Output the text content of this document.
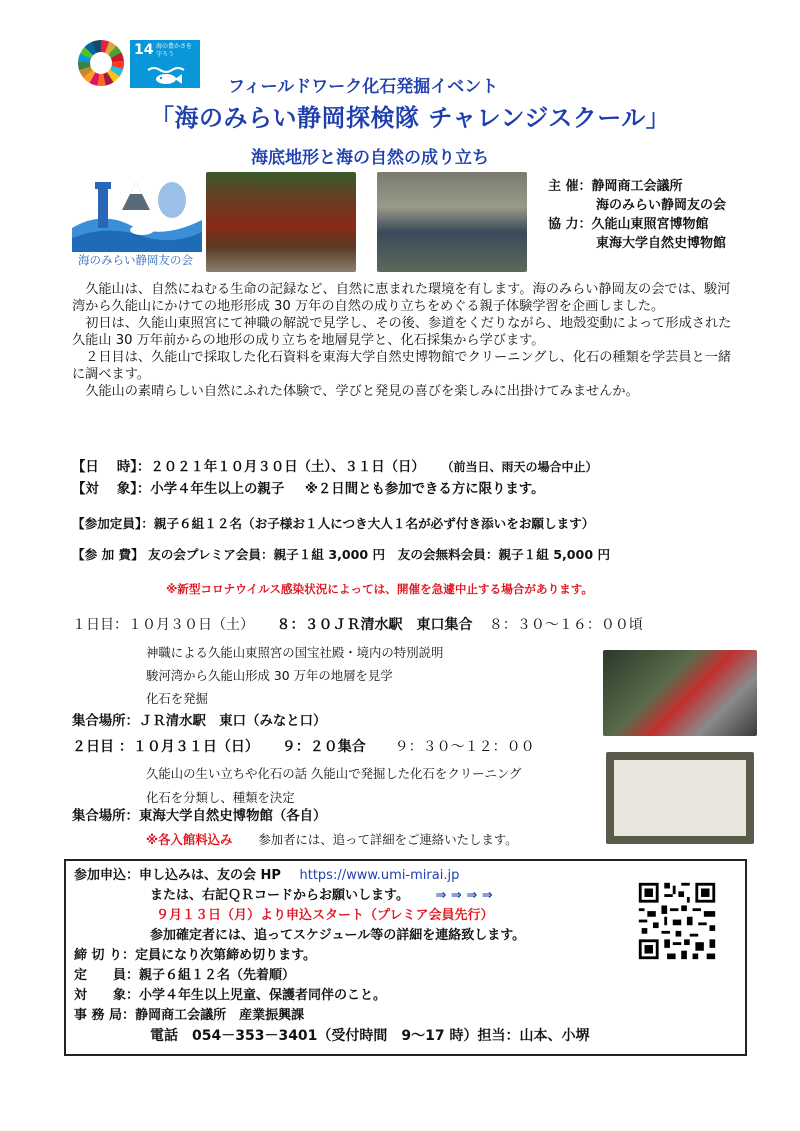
14 海の豊かさを
守ろう
フィールドワーク化石発掘イベント
「海のみらい静岡探検隊 チャレンジスクール」
海底地形と海の自然の成り立ち
海のみらい静岡友の会
主 催：静岡商工会議所
海のみらい静岡友の会
協 力：久能山東照宮博物館
東海大学自然史博物館
久能山は、自然にねむる生命の記録など、自然に恵まれた環境を有します。海のみらい静岡友の会では、駿河湾から久能山にかけての地形形成 30 万年の自然の成り立ちをめぐる親子体験学習を企画しました。
初日は、久能山東照宮にて神職の解説で見学し、その後、参道をくだりながら、地殻変動によって形成された久能山 30 万年前からの地形の成り立ちを地層見学と、化石採集から学びます。
２日目は、久能山で採取した化石資料を東海大学自然史博物館でクリーニングし、化石の種類を学芸員と一緒に調べます。
久能山の素晴らしい自然にふれた体験で、学びと発見の喜びを楽しみに出掛けてみませんか。
【日　 時】：２０２１年１０月３０日（土）、３１日（日） （前当日、雨天の場合中止）
【対　 象】：小学４年生以上の親子 ※２日間とも参加できる方に限ります。
【参加定員】：親子６組１２名（お子様お１人につき大人１名が必ず付き添いをお願します）
【参 加 費】 友の会プレミア会員：親子１組 3,000 円　友の会無料会員：親子１組 5,000 円
※新型コロナウイルス感染状況によっては、開催を急遽中止する場合があります。
１日目：１０月３０日（土） ８：３０ＪＲ清水駅　東口集合 ８：３０～１６：００頃
神職による久能山東照宮の国宝社殿・境内の特別説明
駿河湾から久能山形成 30 万年の地層を見学
化石を発掘
集合場所：ＪＲ清水駅　東口（みなと口）
２日目 ：１０月３１日（日） ９：２０集合 ９：３０～１２：００
久能山の生い立ちや化石の話 久能山で発掘した化石をクリーニング
化石を分類し、種類を決定
集合場所：東海大学自然史博物館（各自）
※各入館料込み 参加者には、追って詳細をご連絡いたします。
参加申込：申し込みは、友の会 HP https://www.umi-mirai.jp
または、右記ＱＲコードからお願いします。 ⇒ ⇒ ⇒ ⇒
９月１３日（月）より申込スタート（プレミア会員先行）
参加確定者には、追ってスケジュール等の詳細を連絡致します。
締 切 り：定員になり次第締め切ります。
定　　員：親子６組１２名（先着順）
対　　象：小学４年生以上児童、保護者同伴のこと。
事 務 局：静岡商工会議所　産業振興課
電話　054－353－3401（受付時間　9～17 時）担当：山本、小堺
